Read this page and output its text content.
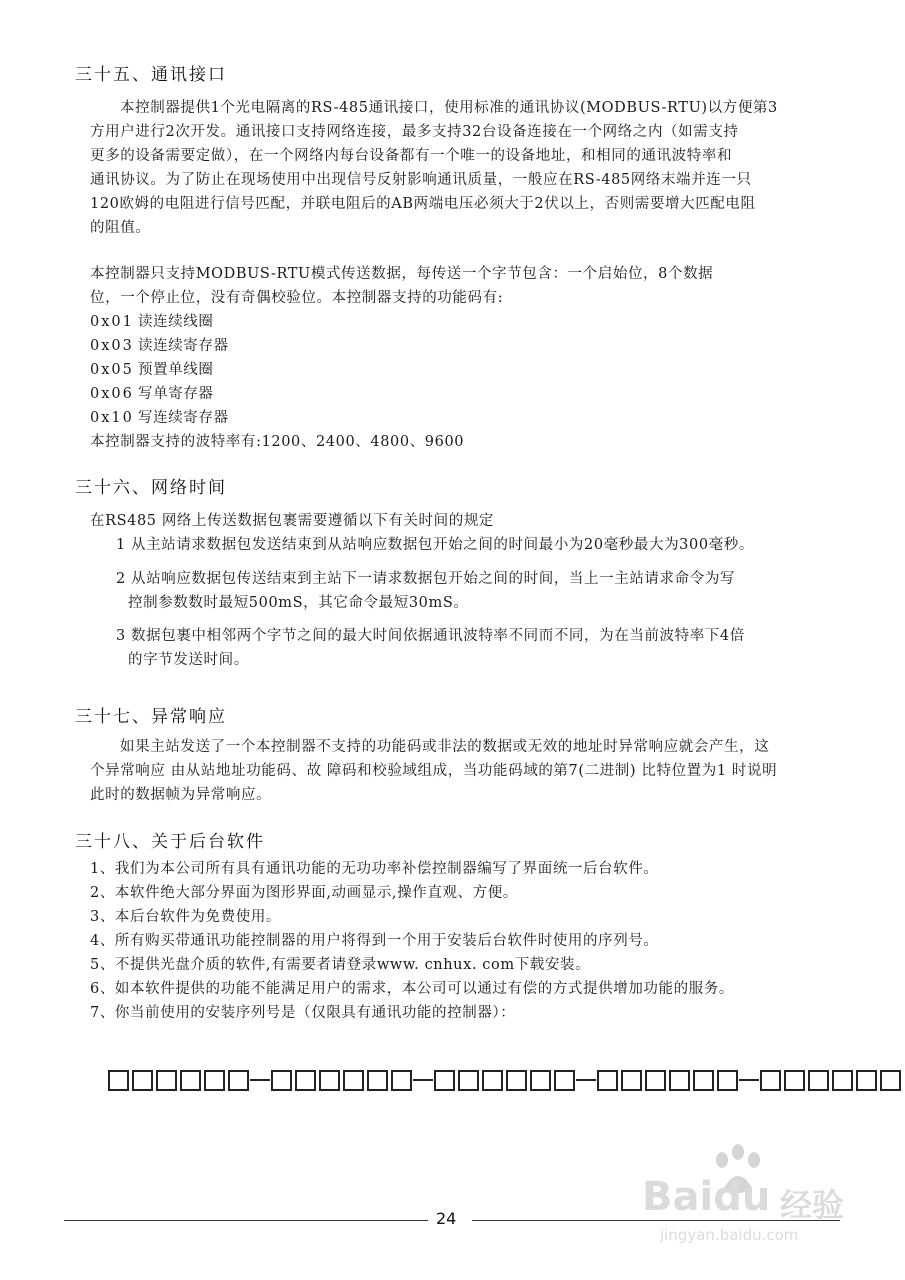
三十五、通讯接口
本控制器提供1个光电隔离的RS-485通讯接口，使用标准的通讯协议(MODBUS-RTU)以方便第3
方用户进行2次开发。通讯接口支持网络连接，最多支持32台设备连接在一个网络之内（如需支持
更多的设备需要定做），在一个网络内每台设备都有一个唯一的设备地址，和相同的通讯波特率和
通讯协议。为了防止在现场使用中出现信号反射影响通讯质量，一般应在RS-485网络末端并连一只
120欧姆的电阻进行信号匹配，并联电阻后的AB两端电压必须大于2伏以上，否则需要增大匹配电阻
的阻值。
本控制器只支持MODBUS-RTU模式传送数据，每传送一个字节包含：一个启始位，8个数据
位，一个停止位，没有奇偶校验位。本控制器支持的功能码有:
0x01 读连续线圈
0x03 读连续寄存器
0x05 预置单线圈
0x06 写单寄存器
0x10 写连续寄存器
本控制器支持的波特率有:1200、2400、4800、9600
三十六、网络时间
在RS485 网络上传送数据包裹需要遵循以下有关时间的规定
1 从主站请求数据包发送结束到从站响应数据包开始之间的时间最小为20毫秒最大为300毫秒。
2 从站响应数据包传送结束到主站下一请求数据包开始之间的时间，当上一主站请求命令为写
控制参数数时最短500mS，其它命令最短30mS。
3 数据包裹中相邻两个字节之间的最大时间依据通讯波特率不同而不同，为在当前波特率下4倍
的字节发送时间。
三十七、异常响应
如果主站发送了一个本控制器不支持的功能码或非法的数据或无效的地址时异常响应就会产生，这
个异常响应 由从站地址功能码、故 障码和校验域组成，当功能码域的第7(二进制) 比特位置为1 时说明
此时的数据帧为异常响应。
三十八、关于后台软件
1、我们为本公司所有具有通讯功能的无功功率补偿控制器编写了界面统一后台软件。
2、本软件绝大部分界面为图形界面,动画显示,操作直观、方便。
3、本后台软件为免费使用。
4、所有购买带通讯功能控制器的用户将得到一个用于安装后台软件时使用的序列号。
5、不提供光盘介质的软件,有需要者请登录www. cnhux. com下载安装。
6、如本软件提供的功能不能满足用户的需求，本公司可以通过有偿的方式提供增加功能的服务。
7、你当前使用的安装序列号是（仅限具有通讯功能的控制器）：
24	Baidu 经验
jingyan.baidu.com
